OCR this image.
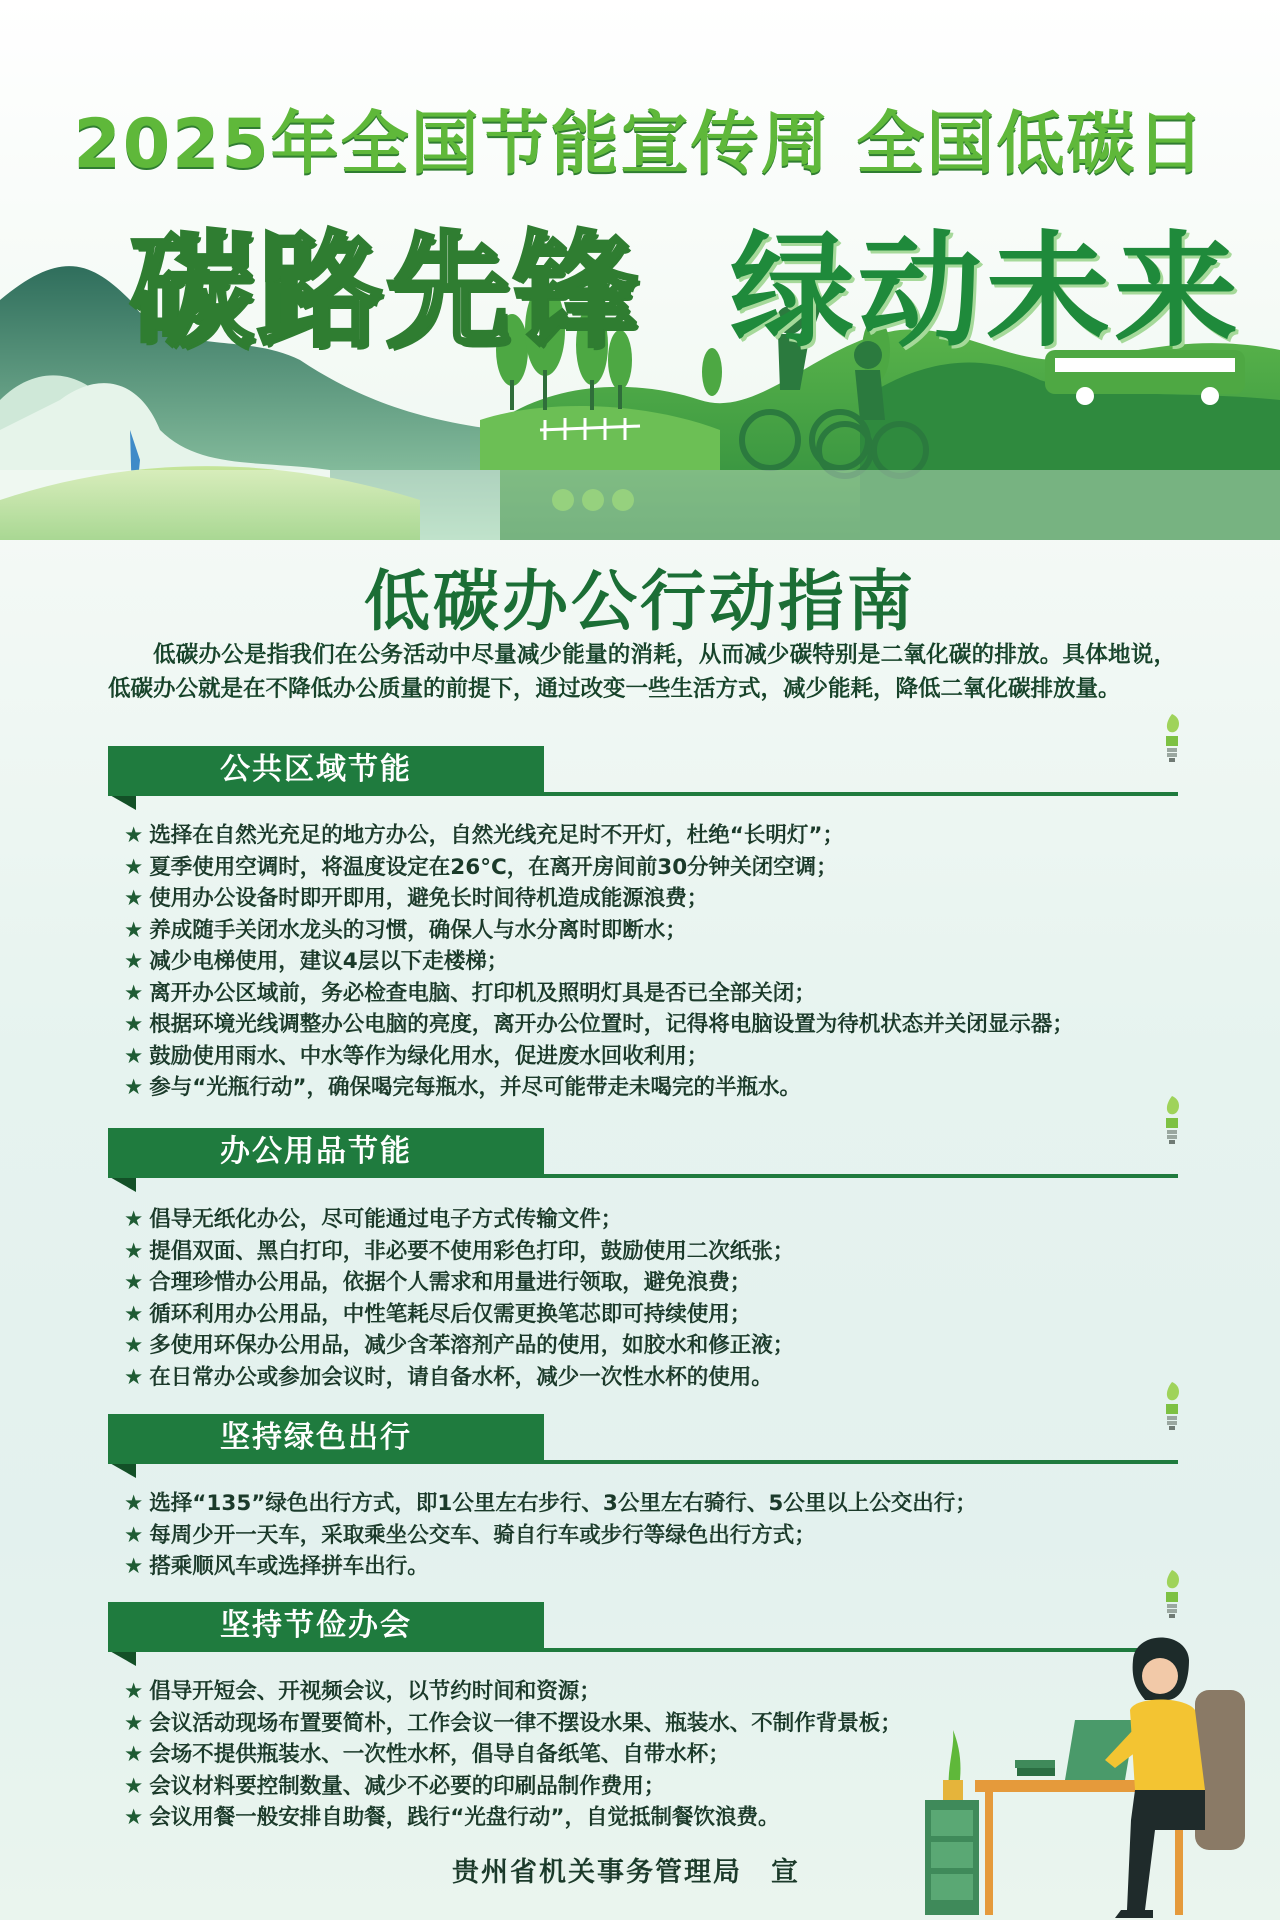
2025年全国节能宣传周 全国低碳日
碳路先锋 绿动未来
低碳办公行动指南
低碳办公是指我们在公务活动中尽量减少能量的消耗，从而减少碳特别是二氧化碳的排放。具体地说，低碳办公就是在不降低办公质量的前提下，通过改变一些生活方式，减少能耗，降低二氧化碳排放量。
公共区域节能
★ 选择在自然光充足的地方办公，自然光线充足时不开灯，杜绝“长明灯”；
★ 夏季使用空调时，将温度设定在26°C，在离开房间前30分钟关闭空调；
★ 使用办公设备时即开即用，避免长时间待机造成能源浪费；
★ 养成随手关闭水龙头的习惯，确保人与水分离时即断水；
★ 减少电梯使用，建议4层以下走楼梯；
★ 离开办公区域前，务必检查电脑、打印机及照明灯具是否已全部关闭；
★ 根据环境光线调整办公电脑的亮度，离开办公位置时，记得将电脑设置为待机状态并关闭显示器；
★ 鼓励使用雨水、中水等作为绿化用水，促进废水回收利用；
★ 参与“光瓶行动”，确保喝完每瓶水，并尽可能带走未喝完的半瓶水。
办公用品节能
★ 倡导无纸化办公，尽可能通过电子方式传输文件；
★ 提倡双面、黑白打印，非必要不使用彩色打印，鼓励使用二次纸张；
★ 合理珍惜办公用品，依据个人需求和用量进行领取，避免浪费；
★ 循环利用办公用品，中性笔耗尽后仅需更换笔芯即可持续使用；
★ 多使用环保办公用品，减少含苯溶剂产品的使用，如胶水和修正液；
★ 在日常办公或参加会议时，请自备水杯，减少一次性水杯的使用。
坚持绿色出行
★ 选择“135”绿色出行方式，即1公里左右步行、3公里左右骑行、5公里以上公交出行；
★ 每周少开一天车，采取乘坐公交车、骑自行车或步行等绿色出行方式；
★ 搭乘顺风车或选择拼车出行。
坚持节俭办会
★ 倡导开短会、开视频会议，以节约时间和资源；
★ 会议活动现场布置要简朴，工作会议一律不摆设水果、瓶装水、不制作背景板；
★ 会场不提供瓶装水、一次性水杯，倡导自备纸笔、自带水杯；
★ 会议材料要控制数量、减少不必要的印刷品制作费用；
★ 会议用餐一般安排自助餐，践行“光盘行动”，自觉抵制餐饮浪费。
贵州省机关事务管理局　宣
